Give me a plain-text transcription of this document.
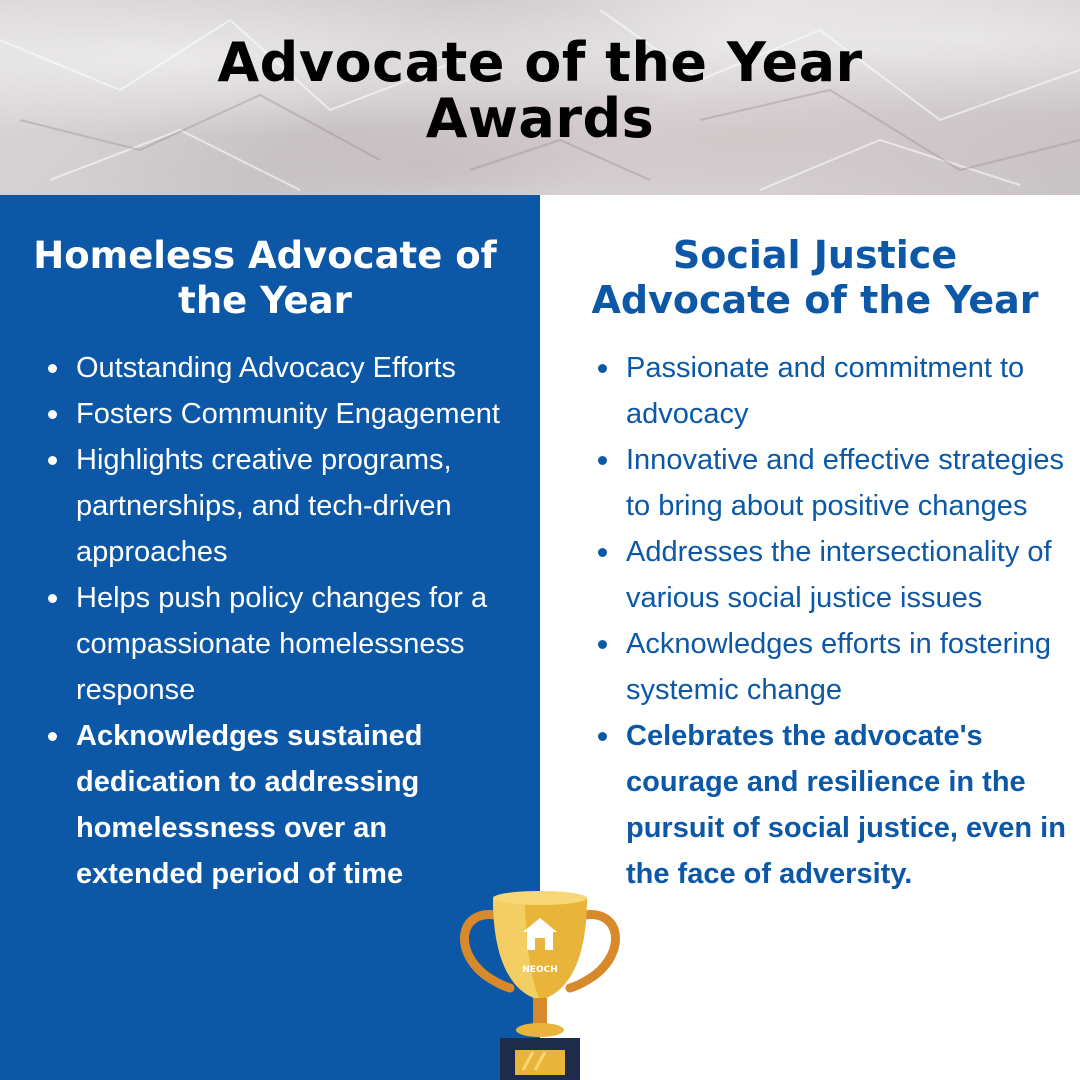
Advocate of the Year
Awards
Homeless Advocate of
the Year
Outstanding Advocacy Efforts
Fosters Community Engagement
Highlights creative programs, partnerships, and tech-driven approaches
Helps push policy changes for a compassionate homelessness response
Acknowledges sustained dedication to addressing homelessness over an extended period of time
Social Justice
Advocate of the Year
Passionate and commitment to advocacy
Innovative and effective strategies to bring about positive changes
Addresses the intersectionality of various social justice issues
Acknowledges efforts in fostering systemic change
Celebrates the advocate's courage and resilience in the pursuit of social justice, even in the face of adversity.
NEOCH
